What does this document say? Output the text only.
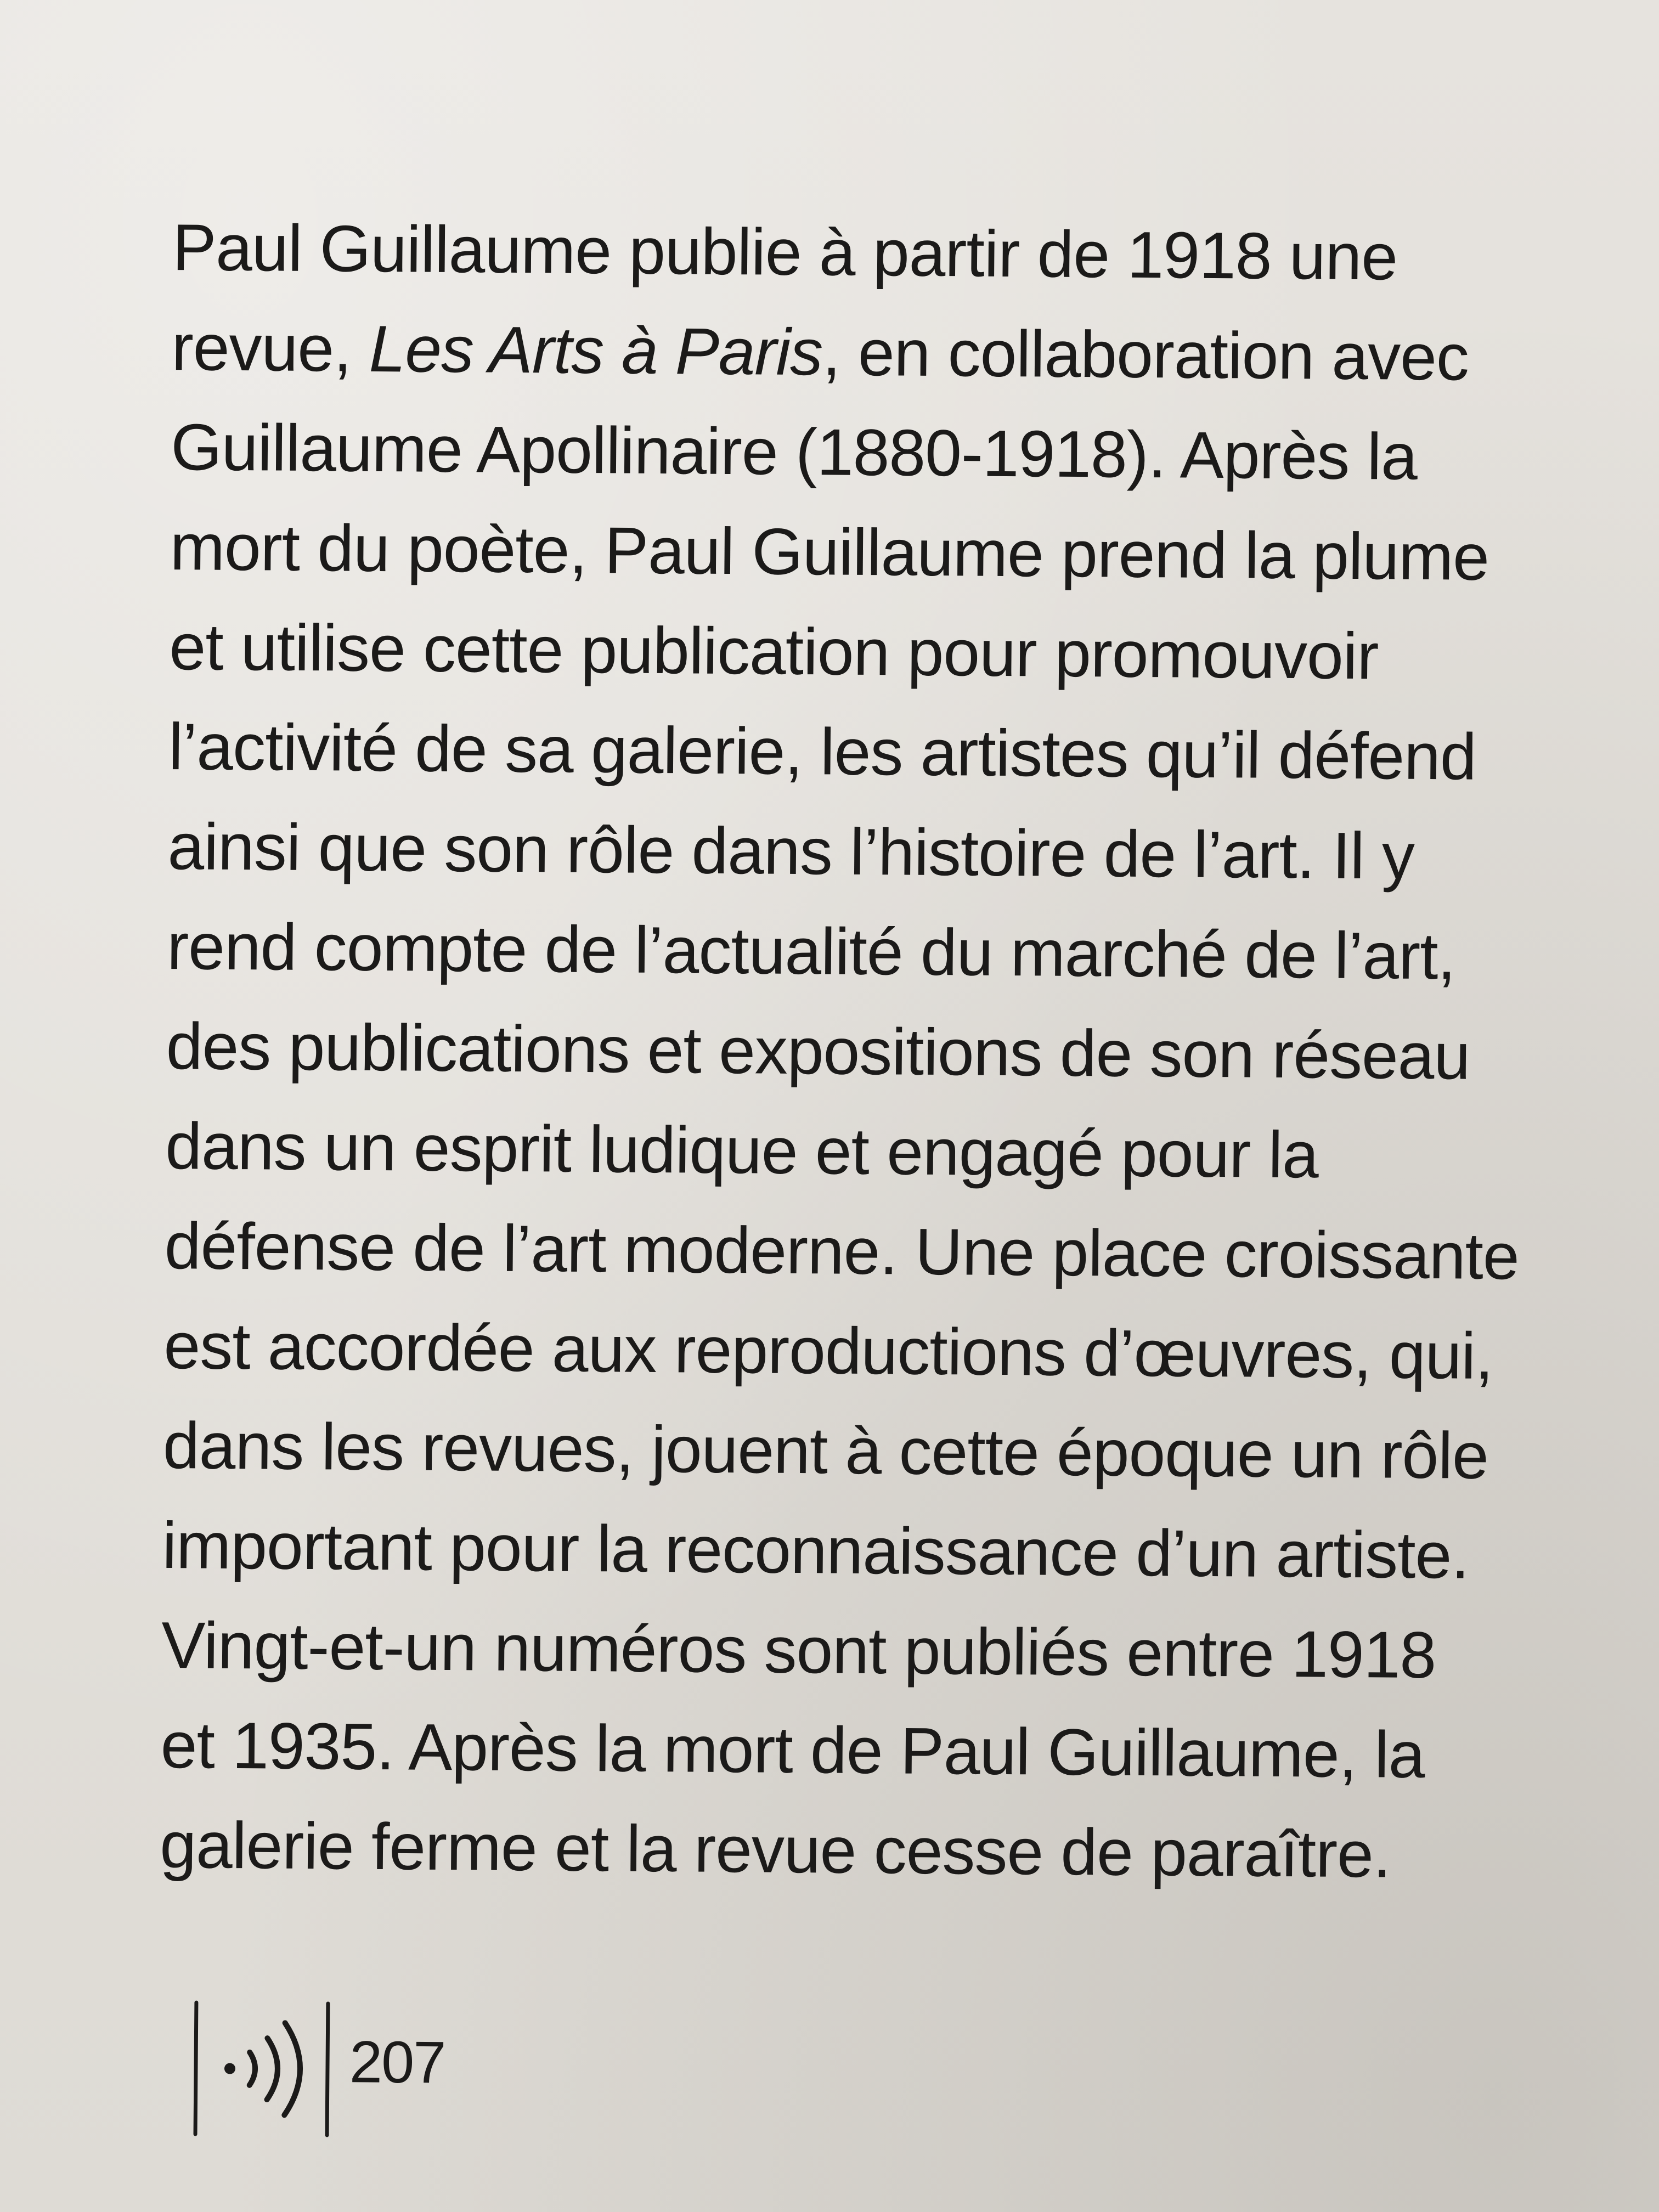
Paul Guillaume publie à partir de 1918 une
revue, Les Arts à Paris, en collaboration avec
Guillaume Apollinaire (1880-1918). Après la
mort du poète, Paul Guillaume prend la plume
et utilise cette publication pour promouvoir
l’activité de sa galerie, les artistes qu’il défend
ainsi que son rôle dans l’histoire de l’art. Il y
rend compte de l’actualité du marché de l’art,
des publications et expositions de son réseau
dans un esprit ludique et engagé pour la
défense de l’art moderne. Une place croissante
est accordée aux reproductions d’œuvres, qui,
dans les revues, jouent à cette époque un rôle
important pour la reconnaissance d’un artiste.
Vingt-et-un numéros sont publiés entre 1918
et 1935. Après la mort de Paul Guillaume, la
galerie ferme et la revue cesse de paraître.
207
